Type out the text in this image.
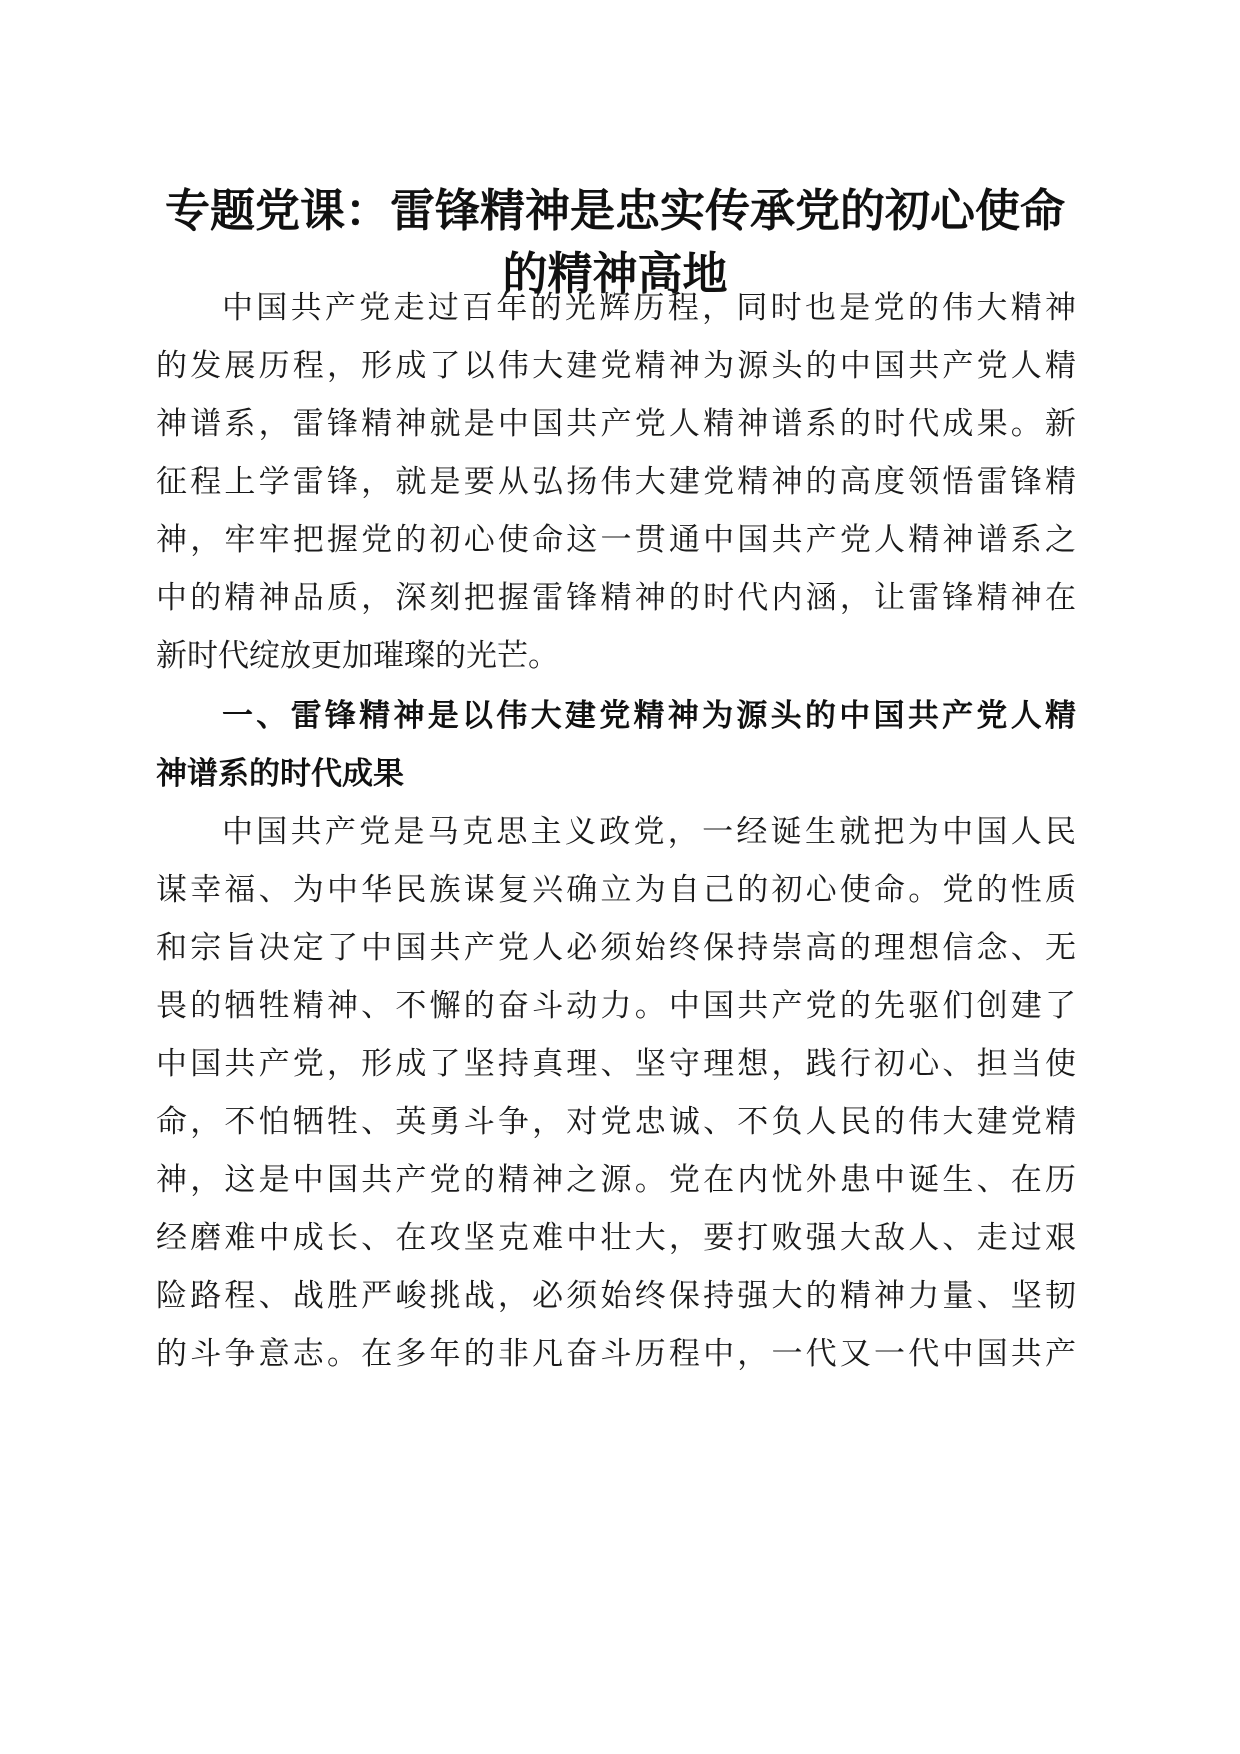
专题党课：雷锋精神是忠实传承党的初心使命
的精神高地
中国共产党走过百年的光辉历程，同时也是党的伟大精神
的发展历程，形成了以伟大建党精神为源头的中国共产党人精
神谱系，雷锋精神就是中国共产党人精神谱系的时代成果。新
征程上学雷锋，就是要从弘扬伟大建党精神的高度领悟雷锋精
神，牢牢把握党的初心使命这一贯通中国共产党人精神谱系之
中的精神品质，深刻把握雷锋精神的时代内涵，让雷锋精神在
新时代绽放更加璀璨的光芒。
一、雷锋精神是以伟大建党精神为源头的中国共产党人精
神谱系的时代成果
中国共产党是马克思主义政党，一经诞生就把为中国人民
谋幸福、为中华民族谋复兴确立为自己的初心使命。党的性质
和宗旨决定了中国共产党人必须始终保持崇高的理想信念、无
畏的牺牲精神、不懈的奋斗动力。中国共产党的先驱们创建了
中国共产党，形成了坚持真理、坚守理想，践行初心、担当使
命，不怕牺牲、英勇斗争，对党忠诚、不负人民的伟大建党精
神，这是中国共产党的精神之源。党在内忧外患中诞生、在历
经磨难中成长、在攻坚克难中壮大，要打败强大敌人、走过艰
险路程、战胜严峻挑战，必须始终保持强大的精神力量、坚韧
的斗争意志。在多年的非凡奋斗历程中，一代又一代中国共产
